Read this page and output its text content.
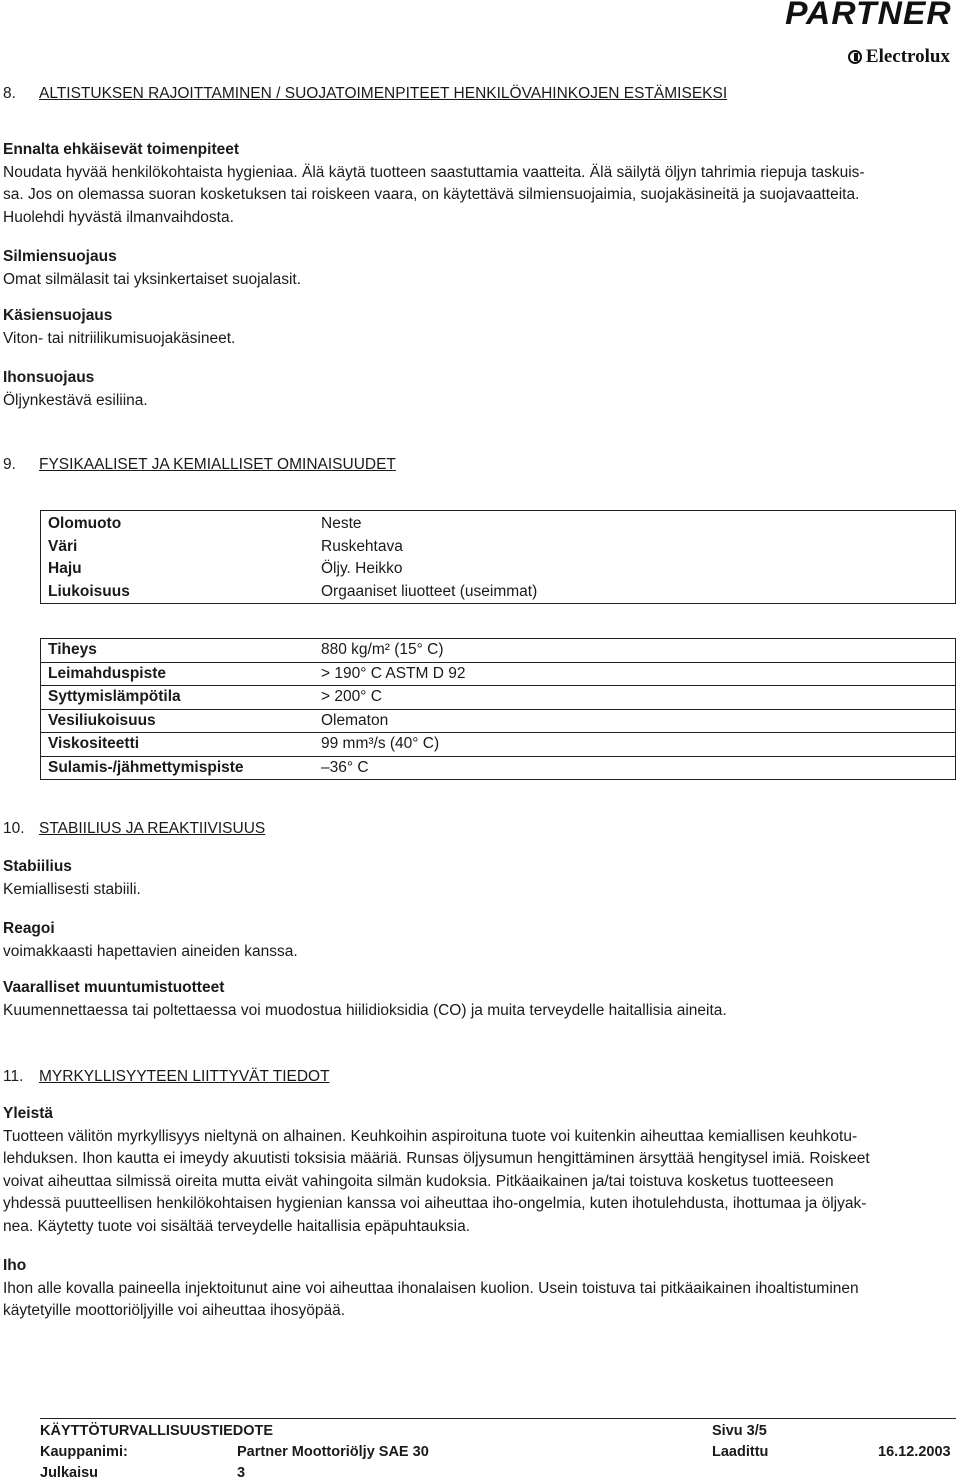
PARTNER
Electrolux
8. ALTISTUKSEN RAJOITTAMINEN / SUOJATOIMENPITEET HENKILÖVAHINKOJEN ESTÄMISEKSI

Ennalta ehkäisevät toimenpiteet

Noudata hyvää henkilökohtaista hygieniaa. Älä käytä tuotteen saastuttamia vaatteita. Älä säilytä öljyn tahrimia riepuja taskuis-

sa. Jos on olemassa suoran kosketuksen tai roiskeen vaara, on käytettävä silmiensuojaimia, suojakäsineitä ja suojavaatteita.

Huolehdi hyvästä ilmanvaihdosta.

Silmiensuojaus

Omat silmälasit tai yksinkertaiset suojalasit.

Käsiensuojaus

Viton- tai nitriilikumisuojakäsineet.

Ihonsuojaus

Öljynkestävä esiliina.

9. FYSIKAALISET JA KEMIALLISET OMINAISUUDET
Olomuoto	Neste
Väri	Ruskehtava
Haju	Öljy. Heikko
Liukoisuus	Orgaaniset liuotteet (useimmat)
Tiheys	880 kg/m² (15° C)
Leimahduspiste	> 190° C ASTM D 92
Syttymislämpötila	> 200° C
Vesiliukoisuus	Olematon
Viskositeetti	99 mm³/s (40° C)
Sulamis-/jähmettymispiste	–36° C
10. STABIILIUS JA REAKTIIVISUUS

Stabiilius

Kemiallisesti stabiili.

Reagoi

voimakkaasti hapettavien aineiden kanssa.

Vaaralliset muuntumistuotteet

Kuumennettaessa tai poltettaessa voi muodostua hiilidioksidia (CO) ja muita terveydelle haitallisia aineita.

11. MYRKYLLISYYTEEN LIITTYVÄT TIEDOT

Yleistä

Tuotteen välitön myrkyllisyys nieltynä on alhainen. Keuhkoihin aspiroituna tuote voi kuitenkin aiheuttaa kemiallisen keuhkotu-

lehduksen. Ihon kautta ei imeydy akuutisti toksisia määriä. Runsas öljysumun hengittäminen ärsyttää hengitysel imiä. Roiskeet

voivat aiheuttaa silmissä oireita mutta eivät vahingoita silmän kudoksia. Pitkäaikainen ja/tai toistuva kosketus tuotteeseen

yhdessä puutteellisen henkilökohtaisen hygienian kanssa voi aiheuttaa iho-ongelmia, kuten ihotulehdusta, ihottumaa ja öljyak-

nea. Käytetty tuote voi sisältää terveydelle haitallisia epäpuhtauksia.

Iho

Ihon alle kovalla paineella injektoitunut aine voi aiheuttaa ihonalaisen kuolion. Usein toistuva tai pitkäaikainen ihoaltistuminen

käytetyille moottoriöljyille voi aiheuttaa ihosyöpää.

KÄYTTÖTURVALLISUUSTIEDOTE	Sivu 3/5
Kauppanimi:	Partner Moottoriöljy SAE 30	Laadittu	16.12.2003
Julkaisu	3
